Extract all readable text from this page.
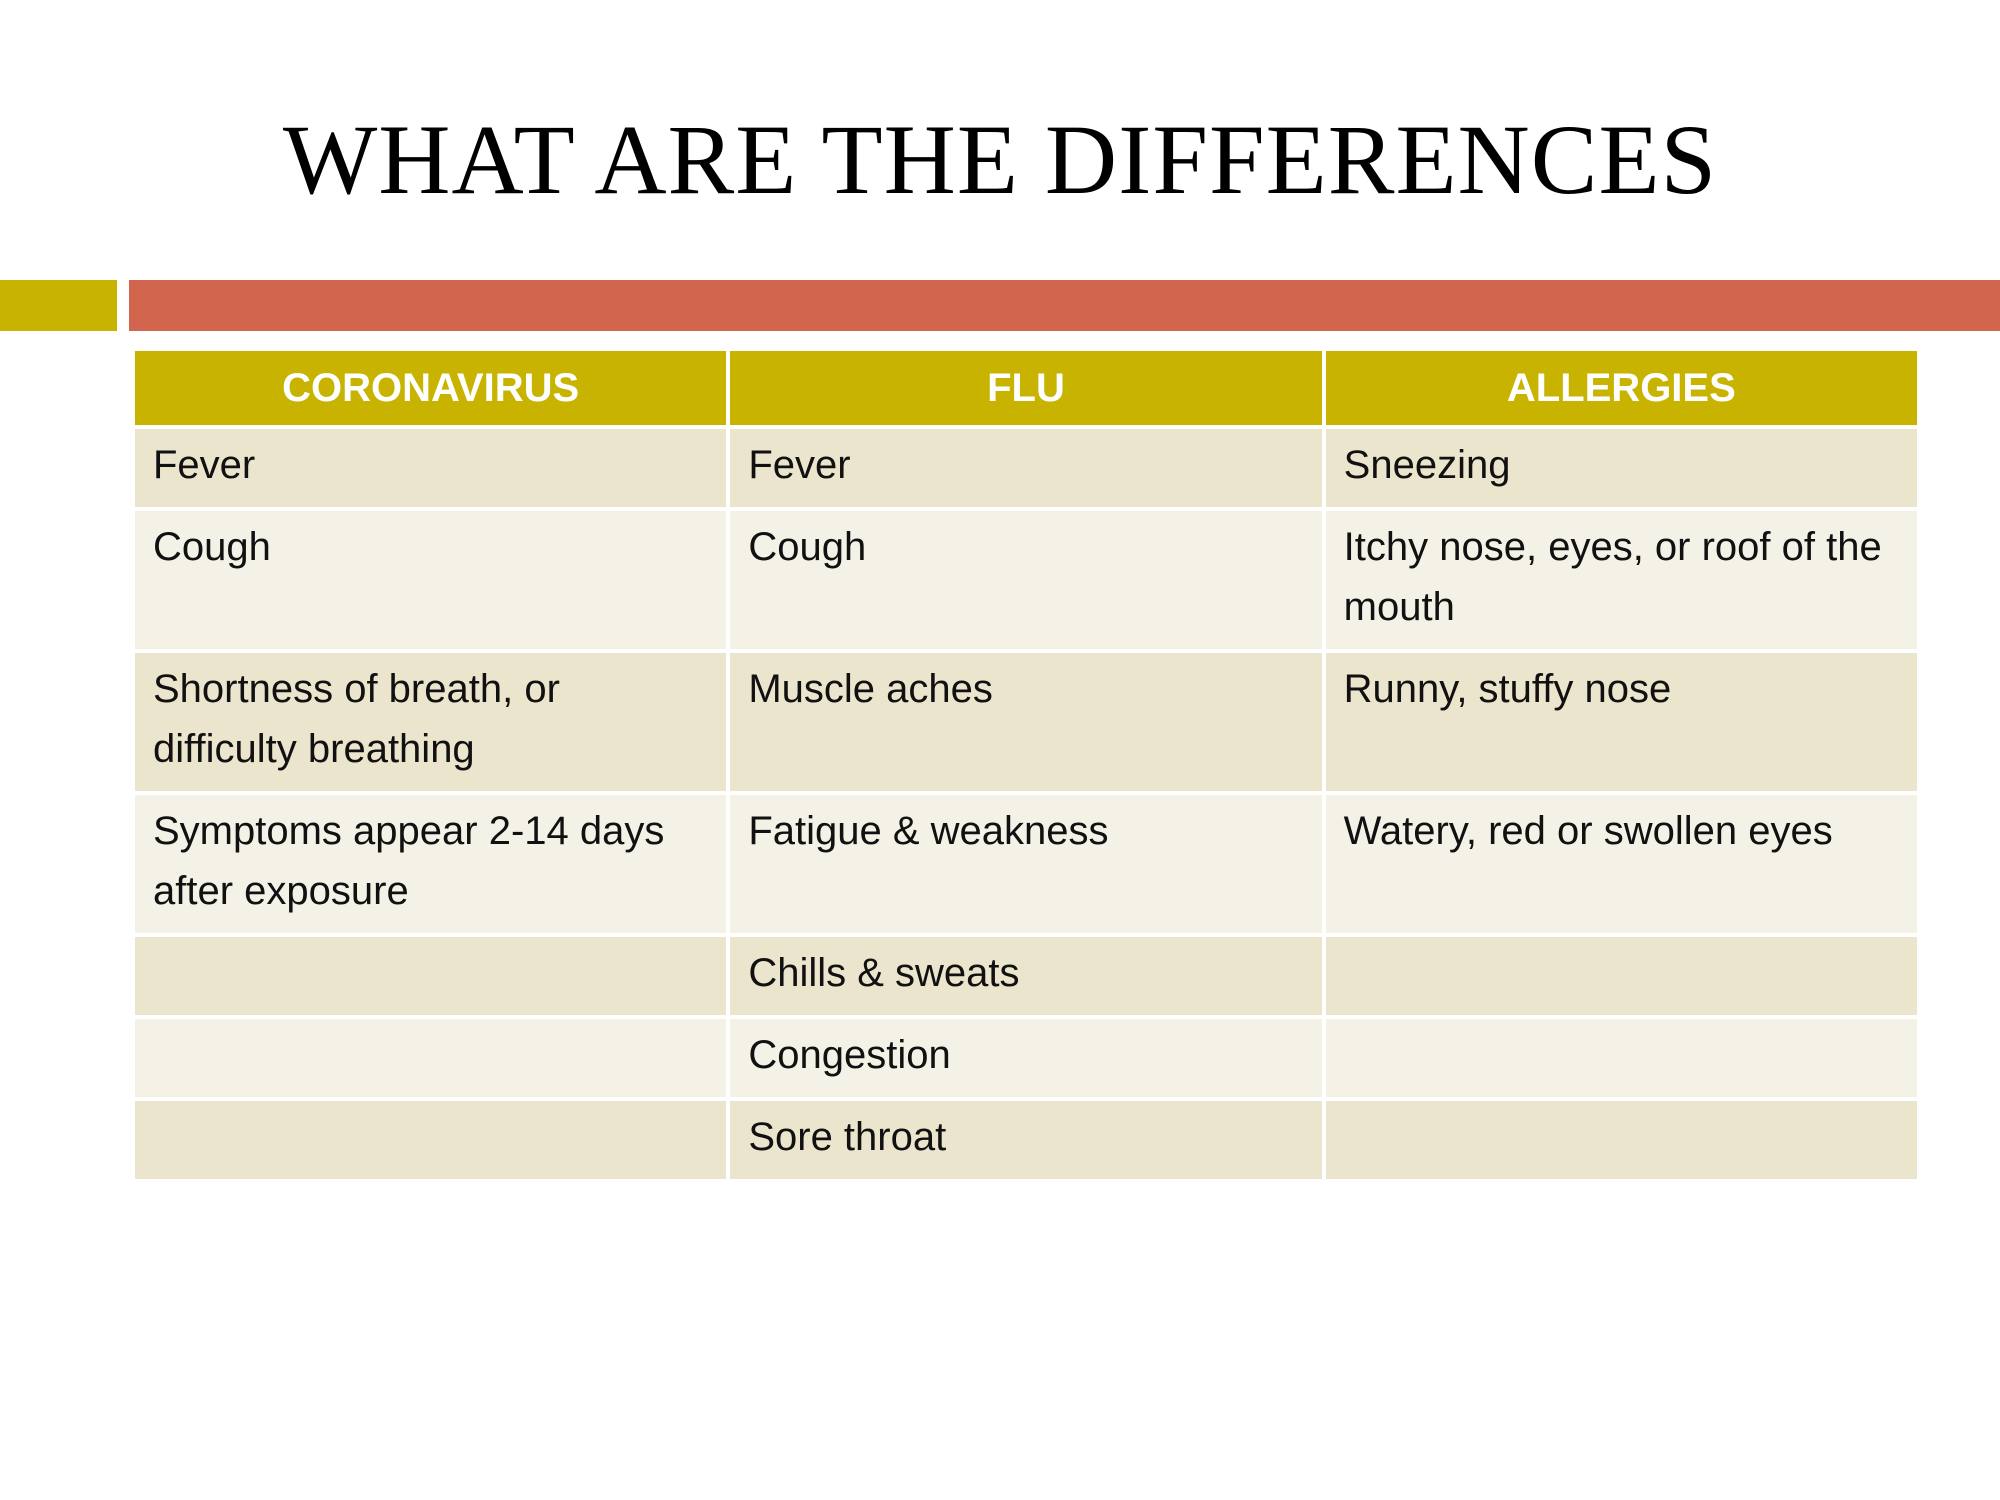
WHAT ARE THE DIFFERENCES
CORONAVIRUS	FLU	ALLERGIES
Fever	Fever	Sneezing
Cough	Cough	Itchy nose, eyes, or roof of the mouth
Shortness of breath, or difficulty breathing	Muscle aches	Runny, stuffy nose
Symptoms appear 2-14 days after exposure	Fatigue & weakness	Watery, red or swollen eyes
	Chills & sweats	
	Congestion	
	Sore throat	
